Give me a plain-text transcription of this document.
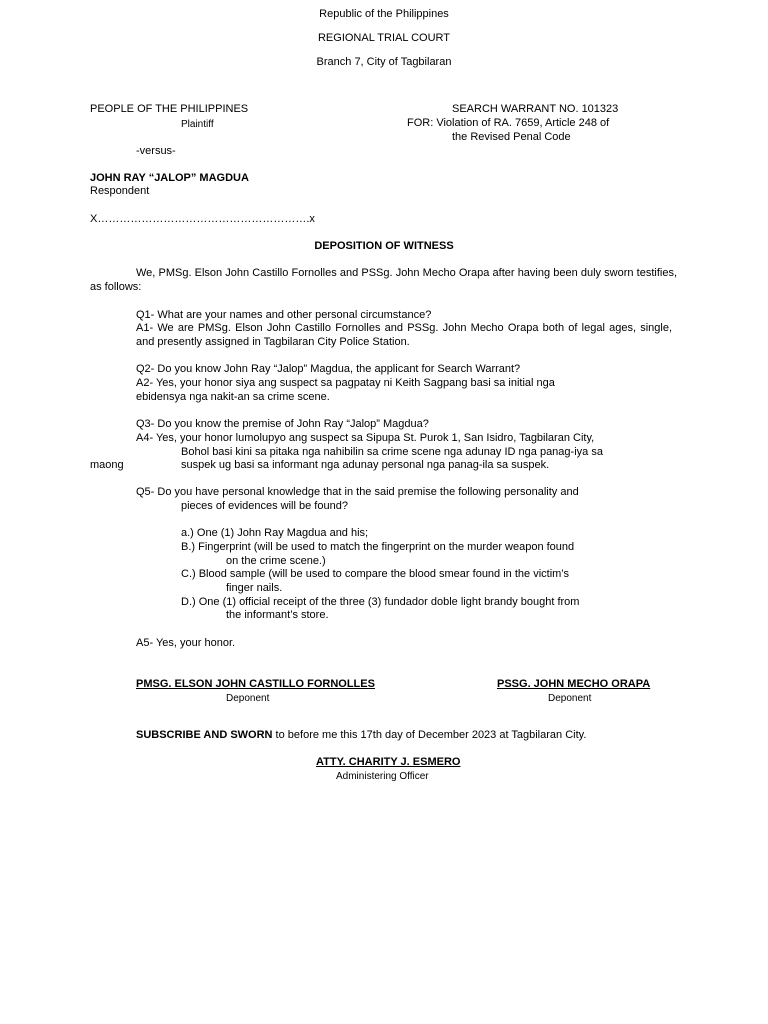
Republic of the Philippines
REGIONAL TRIAL COURT
Branch 7, City of Tagbilaran
PEOPLE OF THE PHILIPPINES
Plaintiff
-versus-
JOHN RAY “JALOP” MAGDUA
Respondent
X………………………………………………….x
SEARCH WARRANT NO. 101323
FOR: Violation of RA. 7659, Article 248 of
the Revised Penal Code
DEPOSITION OF WITNESS
We, PMSg. Elson John Castillo Fornolles and PSSg. John Mecho Orapa after having been duly sworn testifies, as follows:
Q1- What are your names and other personal circumstance?
A1- We are PMSg. Elson John Castillo Fornolles and PSSg. John Mecho Orapa both of legal ages, single, and presently assigned in Tagbilaran City Police Station.
Q2- Do you know John Ray “Jalop” Magdua, the applicant for Search Warrant?
A2- Yes, your honor siya ang suspect sa pagpatay ni Keith Sagpang basi sa initial nga
ebidensya nga nakit-an sa crime scene.
Q3- Do you know the premise of John Ray “Jalop” Magdua?
A4- Yes, your honor lumolupyo ang suspect sa Sipupa St. Purok 1, San Isidro, Tagbilaran City,
Bohol basi kini sa pitaka nga nahibilin sa crime scene nga adunay ID nga panag-iya sa
maong	suspek ug basi sa informant nga adunay personal nga panag-ila sa suspek.
Q5- Do you have personal knowledge that in the said premise the following personality and
pieces of evidences will be found?
a.) One (1) John Ray Magdua and his;
B.) Fingerprint (will be used to match the fingerprint on the murder weapon found
on the crime scene.)
C.) Blood sample (will be used to compare the blood smear found in the victim’s
finger nails.
D.) One (1) official receipt of the three (3) fundador doble light brandy bought from
the informant’s store.
A5- Yes, your honor.
PMSG. ELSON JOHN CASTILLO FORNOLLES
Deponent
PSSG. JOHN MECHO ORAPA
Deponent
SUBSCRIBE AND SWORN to before me this 17th day of December 2023 at Tagbilaran City.
ATTY. CHARITY J. ESMERO
Administering Officer
